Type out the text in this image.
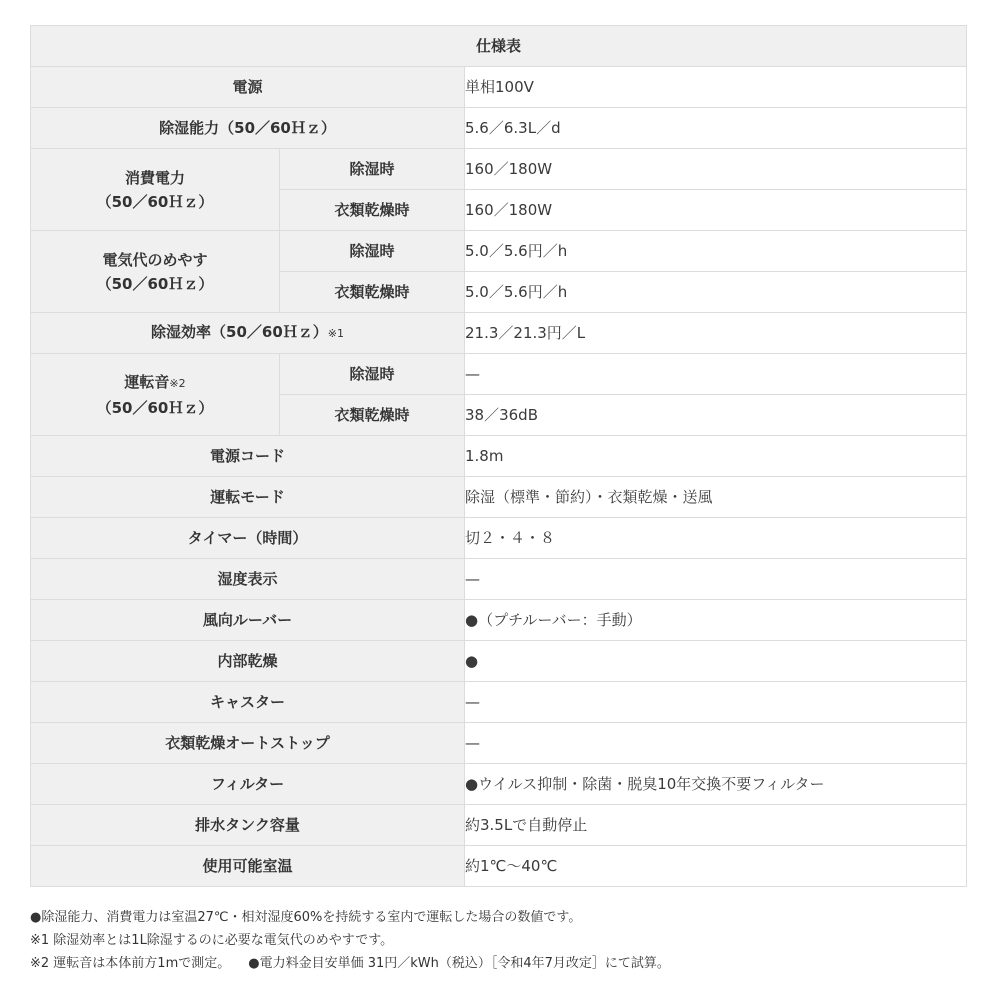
仕様表		
電源		単相100V
除湿能力（50／60Ｈｚ）		5.6／6.3L／d

消費電力
（50／60Ｈｚ）	除湿時	160／180W
	衣類乾燥時	160／180W

電気代のめやす
（50／60Ｈｚ）	除湿時	5.0／5.6円／h
	衣類乾燥時	5.0／5.6円／h
除湿効率（50／60Ｈｚ）※1		21.3／21.3円／L

運転音※2
（50／60Ｈｚ）	除湿時	—
	衣類乾燥時	38／36dB
電源コード		1.8m
運転モード		除湿（標準・節約）・衣類乾燥・送風
タイマー（時間）		切２・４・８
湿度表示		—
風向ルーバー		●（プチルーバー：手動）
内部乾燥		●
キャスター		—
衣類乾燥オートストップ		—
フィルター		●ウイルス抑制・除菌・脱臭10年交換不要フィルター
排水タンク容量		約3.5Lで自動停止
使用可能室温		約1℃～40℃
●除湿能力、消費電力は室温27℃・相対湿度60%を持続する室内で運転した場合の数値です。
※1 除湿効率とは1L除湿するのに必要な電気代のめやすです。
※2 運転音は本体前方1mで測定。 ●電力料金目安単価 31円／kWh（税込）［令和4年7月改定］にて試算。
